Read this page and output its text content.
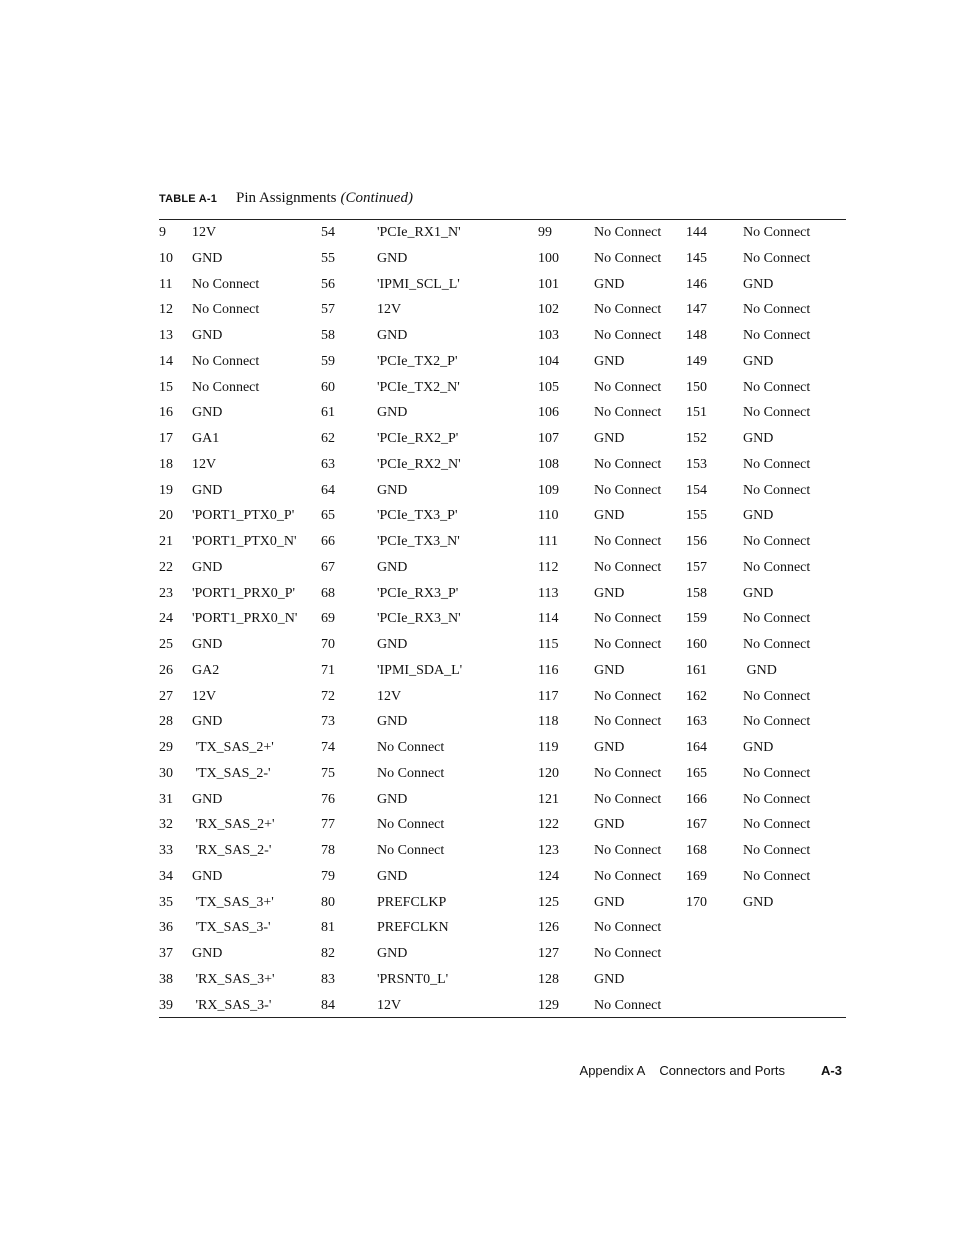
TABLE A-1 Pin Assignments (Continued)
9 12V	54	'PCIe_RX1_N'	99	No Connect 144	No Connect
10 GND	55	GND	100	No Connect 145	No Connect
11 No Connect	56	'IPMI_SCL_L'	101	GND	146	GND
12 No Connect	57	12V	102	No Connect 147	No Connect
13 GND	58	GND	103	No Connect 148	No Connect
14 No Connect	59	'PCIe_TX2_P'	104	GND	149	GND
15 No Connect	60	'PCIe_TX2_N'	105	No Connect 150	No Connect
16 GND	61	GND	106	No Connect 151	No Connect
17 GA1	62	'PCIe_RX2_P'	107	GND	152	GND
18 12V	63	'PCIe_RX2_N'	108	No Connect 153	No Connect
19 GND	64	GND	109	No Connect 154	No Connect
20 'PORT1_PTX0_P' 65	'PCIe_TX3_P'	110	GND	155	GND
21 'PORT1_PTX0_N' 66	'PCIe_TX3_N'	111	No Connect 156	No Connect
22 GND	67	GND	112	No Connect 157	No Connect
23 'PORT1_PRX0_P' 68	'PCIe_RX3_P'	113	GND	158	GND
24 'PORT1_PRX0_N' 69	'PCIe_RX3_N'	114	No Connect 159	No Connect
25 GND	70	GND	115	No Connect 160	No Connect
26 GA2	71	'IPMI_SDA_L'	116	GND	161	GND
27 12V	72	12V	117	No Connect 162	No Connect
28 GND	73	GND	118	No Connect 163	No Connect
29 'TX_SAS_2+'	74	No Connect	119	GND	164	GND
30 'TX_SAS_2-'	75	No Connect	120	No Connect 165	No Connect
31 GND	76	GND	121	No Connect 166	No Connect
32 'RX_SAS_2+'	77	No Connect	122	GND	167	No Connect
33 'RX_SAS_2-'	78	No Connect	123	No Connect 168	No Connect
34 GND	79	GND	124	No Connect 169	No Connect
35 'TX_SAS_3+'	80	PREFCLKP	125	GND	170	GND
36 'TX_SAS_3-'	81	PREFCLKN	126	No Connect
37 GND	82	GND	127	No Connect
38 'RX_SAS_3+'	83	'PRSNT0_L'	128	GND
39 'RX_SAS_3-'	84	12V	129	No Connect
Appendix A Connectors and Ports	A-3
